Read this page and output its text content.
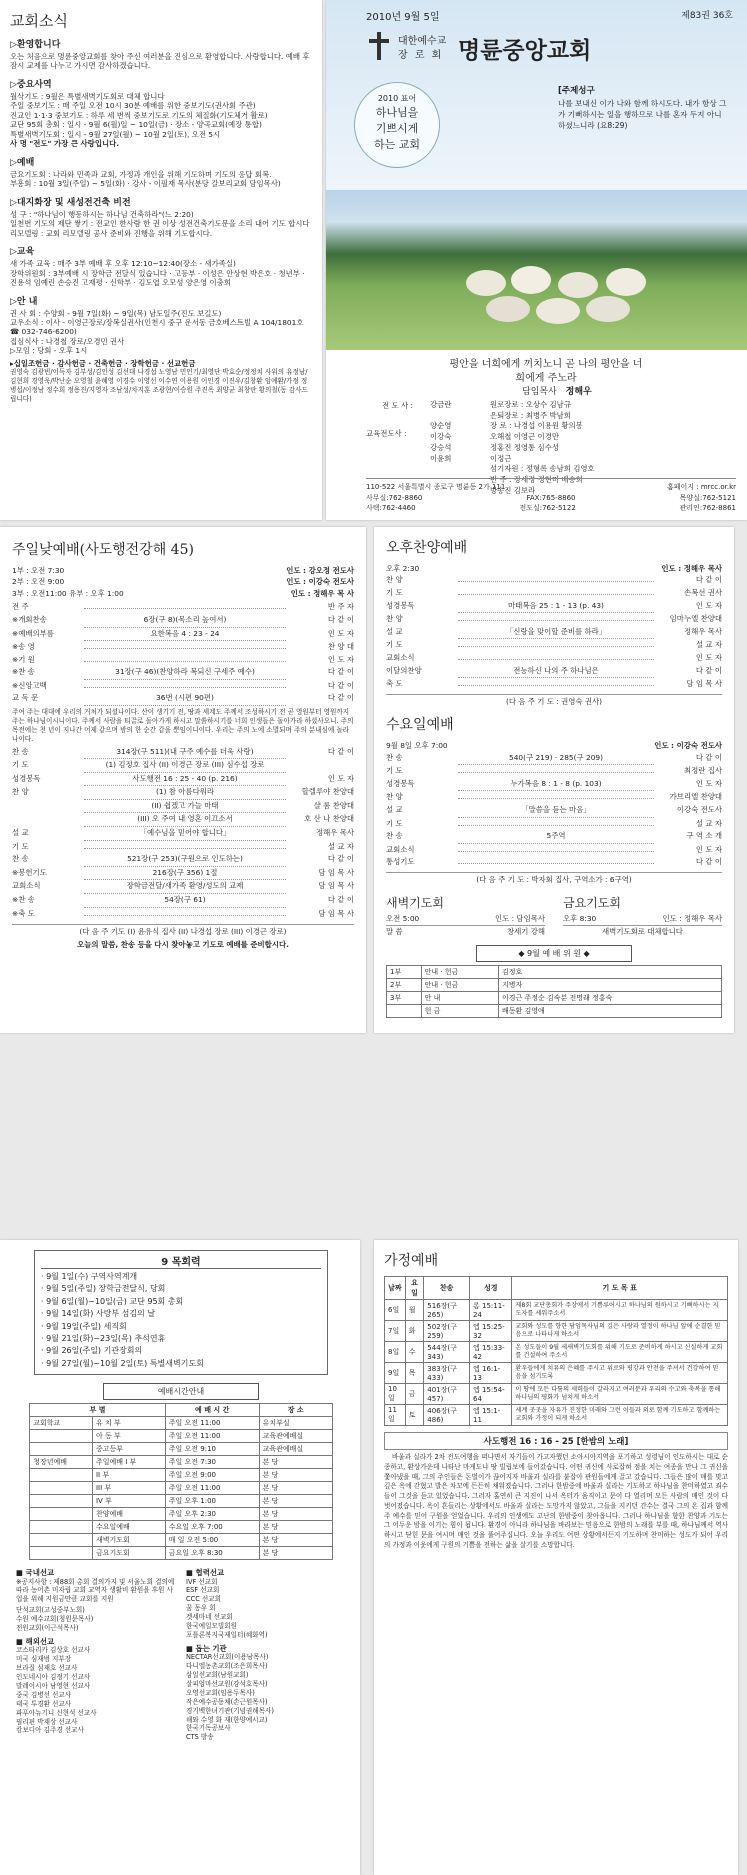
교회소식
▷환영합니다
오는 처음으로 명륜중앙교회를 찾아 주신 여러분을 진심으로 환영합니다. 사랑합니다. 예배 후 잠시 교제를 나누고 가시면 감사하겠습니다.
▷중요사역
월삭기도 : 9월은 특별새벽기도회로 대체 합니다
주일 중보기도 : 매 주일 오전 10시 30분 예배를 위한 중보기도(권사회 주관)
진교인 1·1·3 중보기도 : 하루 세 번씩 중보기도로 기도의 체질화(기도체거 활로)
교단 95회 총회 : 일시 - 9월 6(월)일 ~ 10일(금) · 장소 - 양곡교회(예장 통합)
특별새벽기도회 : 일시 - 9월 27일(월) ~ 10월 2일(토), 오전 5시
사 명 "전도" 가장 큰 사랑입니다.
▷예배
금요기도회 : 나라와 민족과 교회, 가정과 개인을 위해 기도하며 기도의 응답 회복.
부흥회 : 10월 3일(주일) ~ 5일(화) · 강사 - 이필재 목사(분당 갈보리교회 담임목사)
▷대지화장 및 새성전건축 비전
성 구 : "하나님이 행동하시는 하나님 건축하라"(느 2:20)
일천번 기도의 제단 쌓기 : 전교인 한사람 한 권 이상 성전건축기도문을 소리 내어 기도 합시다
리모델링 : 교회 리모델링 공사 준비와 진행을 위해 기도합시다.
▷교육
새 가족 교육 : 매주 3부 예배 후 오후 12:10~12:40(장소 - 새가족실)
장학위원회 : 3부예배 시 장학금 전달식 있습니다 · 고등부 · 이성은 안상현 박은호 · 청년부 · 진용석 임예린 손승진 고재평 · 신학부 · 김도엽 오모성 양은영 이충희
▷안 내
권 사 회 : 수양회 - 9월 7일(화) ~ 9일(목) 남도일주(진도 보길도)
교우소식 : 이사 - 이영근장로/장복실권사(인천시 중구 운서동 금호베스트빌 A 104/1801호 ☎ 032-746-6200)
접심식사 : 나경철 장로/오경민 권사
▷모임 : 당회 - 오후 1시
▸십일조헌금 · 감사헌금 · 건축헌금 · 장학헌금 · 선교헌금
권영숙 김광빈/이득자 김부성/김인성 김선대 나경섭 노영남 민인기/최영단 박효순/정정치 사위의 유정남/김현희 경영욱/박난순 오영철 윤혜영 이경수 이영선 이수연 이용원 이인경 이진우/김창환 임예환/가정 정병섭/이정남 정수희 정용진/지영자 조남성/차지훈 조광현/이승원 주진옥 최양균 최창란 황의철(동 감사드립니다)
2010년 9월 5일	제83권 36호
대한예수교
장 로 회 명륜중앙교회
2010 표어
하나님을
기쁘시게
하는 교회
[주제성구
나를 보내신 이가 나와 함께 하시도다. 내가 항상 그가 기뻐하시는 일을 행하므로 나를 혼자 두지 아니하셨느니라 (요8:29)
평안을 너희에게 끼치노니 곧 나의 평안을 너희에게 주노라
담임목사 정해우
전 도 사 :
교육전도사 :
강금란	원로장로 : 오상수 김남규
은퇴장로 : 최병주 박남희
양순영	장 로 : 나경섭 이용원 황의봉
이강숙	오해철 이영근 이경만
강승석	정홍진 정영통 심수성
이윤희	이정근
섬기자원 : 정형록 송남희 김영호
반 주 : 장세정 정현미 배승희
방송진 김보라
110-522 서울특별시 종로구 명륜동 2가 111	홈페이지 : mrcc.or.kr
사무실:762-8860	FAX:765-8860	목양실:762-5121
사택:762-4460	전도실:762-5122	관리인:762-8861
주일낮예배(사도행전강해 45)
1부 : 오전 7:30	인도 : 강오정 전도사
2부 : 오전 9:00	인도 : 이강숙 전도사
3부 : 오전11:00 유부 : 오후 1:00	인도 : 정해우 목 사
전 주	반 주 자
※개회찬송	6장(구 8)(목소리 높여서)	다 같 이
※예배의부름	요한복음 4 : 23 - 24	인 도 자
※송 영	찬 양 대
※기 원	인 도 자
※찬 송	31장(구 46)(찬양하라 복되신 구세주 예수)	다 같 이
※신앙고백	다 같 이
교 독 문	36번 (시편 90편)	다 같 이
주여 주는 대대에 우리의 거처가 되셨나이다. 산이 생기기 전, 땅과 세계도 주께서 조성하시기 전 곧 영원부터 영원까지 주는 하나님이시니이다. 주께서 사람을 티끌로 돌아가게 하시고 말씀하시기를 너희 인생들은 돌아가라 하셨사오니. 주의 목전에는 천 년이 지나간 어제 같으며 밤의 한 순간 같을 뿐임이니이다. 우리는 주의 노에 소멸되며 주의 분내심에 놀라나이다.
찬 송	314장(구 511)(내 구주 예수를 더욱 사랑)	다 같 이
기 도	(1) 김정호 집사 (II) 이경근 장로 (III) 심수섭 장로
성경봉독	사도행전 16 : 25 - 40 (p. 216)	인 도 자
찬 양	(1) 참 아름다워라	할렐루야 찬양대
(II) 쉽겠고 가늘 마태	샬 롬 찬양대
(III) 오 주여 내 영혼 이끄소서	호 산 나 찬양대
설 교	「예수님을 믿어야 합니다」	정해우 목사
기 도	설 교 자
찬 송	521장(구 253)(구원으로 인도하는)	다 같 이
※봉헌기도	216장(구 356) 1절	담 임 목 사
교회소식	장학금전달/새가족 환영/성도의 교제	담 임 목 사
※찬 송	54장(구 61)	다 같 이
※축 도	담 임 목 사
(다 음 주 기도 (I) 윤유식 집사 (II) 나경섭 장로 (III) 이경근 장로)
오늘의 말씀, 찬송 등을 다시 찾아놓고 기도로 예배를 준비합시다.
오후찬양예배
오후 2:30	인도 : 정해우 목사
찬 양	다 같 이
기 도	손복선 권사
성경봉독	마태복음 25 : 1 - 13 (p. 43)	인 도 자
찬 양	임마누엘 찬양대
설 교	「신랑을 맞이할 준비를 하라」	정해우 목사
기 도	설 교 자
교회소식	인 도 자
이달의찬양	전능하신 나의 주 하나님은	다 같 이
축 도	담 임 목 사
(다 음 주 기 도 : 권영숙 권사)
수요일예배
9월 8일 오후 7:00	인도 : 이강숙 전도사
찬 송	540(구 219) · 285(구 209)	다 같 이
기 도	최정란 집사
성경봉독	누가복음 8 : 1 - 8 (p. 103)	인 도 자
찬 양	가브리엘 찬양대
설 교	「말씀을 듣는 마음」	이강숙 전도사
기 도	설 교 자
찬 송	5주역	구 역 소 개
교회소식	인 도 자
통성기도	다 같 이
(다 음 주 기 도 : 박자회 집사, 구역소가 : 6구역)
새벽기도회
오전 5:00	인도 : 담임목사
말 씀	창세기 강해
금요기도회
오후 8:30	인도 : 정해우 목사
새벽기도회로 대체합니다
◆ 9월 예 배 위 원 ◆
1부	안내 · 헌금	김정호
2부	안내 · 헌금	지병자
3부	안 내	이경근 주정순 김숙분 전명래 정홍숙
	헌 금	배동환 김영애
9 목회력
· 9월 1일(수) 구역사역계개
· 9월 5일(주일) 장학금전달식, 당회
· 9월 6일(월)~10일(금) 교단 95회 총회
· 9월 14일(화) 사랑부 섬김의 날
· 9월 19일(주일) 세직회
· 9월 21일(화)~23일(목) 추석연휴
· 9월 26일(주일) 기관장회의
· 9월 27일(월)~10월 2일(토) 특별새벽기도회
예배시간안내
부 별		예 배 시 간	장 소
교회학교	유 치 부	주일 오전 11:00	유치부실
	아 동 부	주일 오전 11:00	교육관예배실
	중고등부	주일 오전 9:10	교육관예배실
청장년예배	주일예배 I 부	주일 오전 7:30	본 당
	II 부	주일 오전 9:00	본 당
	III 부	주일 오전 11:00	본 당
	IV 부	주일 오후 1:00	본 당
	찬양예배	주일 오후 2:30	본 당
	수요일예배	수요일 오후 7:00	본 당
	새벽기도회	매 일 오전 5:00	본 당
	금요기도회	금요일 오후 8:30	본 당
■ 국내선교
※공지사항 : 제88회 총회 결의가지 및 서울노회 결의에 따라 농어촌 미자립 교회 교역자 생활비 환원을 후원 사업을 위해 지원금만큼 교회를 지원
단석교회(고성중부노회)
수원 예수교회(청원문목사)
전원교회(이근석목사)
■ 해외선교
코스타리카 김상호 선교사
미국 심재범 지부장
브라질 심재호 선교사
인도네시아 김정기 선교사
말레이시아 남영현 선교사
중국 김병선 선교사
태국 투경환 선교사
파푸아뉴기니 신현석 선교사
필리핀 박재상 선교사
캄보디아 김주경 선교사
■ 협력선교
IVF 선교회
ESF 선교회
CCC 선교회
꿈 동우 회
겟세마네 선교회
한국예일모빌회원
포틀론복지국제일터(혜화역)
■ 돕는 기관
NECTAR선교회(이용남목사)
다니엘농촌교회(조은희목사)
삼일선교회(남원교회)
살피엄마선교원(강석호목사)
오영선교회(임용두목사)
작은예수공동체(손근원목사)
경기백한녀기관(기념권해목사)
해와 수영 화 재(한양예시교)
한국기독공보사
CTS 방송
가정예배
날짜	요일	찬송	성경	기 도 목 표
6일	월	516장(구 265)	롬 15:11-24	제8회 교단총회가 주장에서 기쁨루어시고 하나님의 원하시고 기뻐하시는 지도자를 세워주소서
7일	화	502장(구 259)	엡 15:25-32	교회와 성도를 향한 담임목사님의 깊은 사랑과 열정이 하나님 앞에 순결한 믿음으로 나타나게 하소서
8일	수	544장(구 343)	엡 15:33-42	온 성도들이 9월 세새벽기도회를 위해 기도로 준비하게 하시고 신실하게 교회를 건설하여 주소서
9일	목	383장(구 433)	엡 16:1-13	환우들에게 치유의 은혜를 주시고 위로와 평강과 안전을 주셔서 건강하여 믿음을 섬기도록
10일	금	401장(구 457)	엡 15:54-64	이 땅에 모든 다툼의 세력들이 갈라지고 여러분과 우리의 수고와 축복을 통해 하나님의 평화가 넘치게 하소서
11일	토	406장(구 486)	엡 15:1-11	세계 곳곳을 자유가 진정한 미래와 그런 이들과 외로 함께 기도하고 함께하는 교회와 가정이 되게 하소서
사도행전 16 : 16 - 25 [한밤의 노래]
바울과 실라가 2차 전도여행을 떠나면서 자기들이 가고자했던 소아시아지역을 포기하고 성령님이 인도하시는 대로 순종하고, 환상가운데 나타난 마게도냐 땅 빌립보에 들어갔습니다. 어떤 귀신에 사로잡혀 점을 치는 여종을 만나 그 귀신을 쫓아냈을 때, 그의 주인들은 돈벌이가 끊어지자 바울과 실라를 붙잡아 관원들에게 끌고 갔습니다. 그들은 많이 매를 맞고 깊은 옥에 갇혔고 발은 차꼬에 든든히 채워졌습니다. 그러나 한밤중에 바울과 실라는 기도하고 하나님을 찬미하였고 죄수들이 그것을 듣고 있었습니다. 그러자 홀연히 큰 지진이 나서 옥터가 움직이고 문이 다 열리며 모든 사람의 매인 것이 다 벗어졌습니다. 옥이 흔들리는 상황에서도 바울과 실라는 도망가지 않았고, 그들을 지키던 간수는 결국 그의 온 집과 함께 주 예수를 믿어 구원을 얻었습니다. 우리의 인생에도 고난의 한밤중이 찾아옵니다. 그러나 하나님을 향한 찬양과 기도는 그 어두운 밤을 이기는 힘이 됩니다. 환경이 아니라 하나님을 바라보는 믿음으로 한밤의 노래를 부를 때, 하나님께서 역사하시고 닫힌 문을 여시며 매인 것을 풀어주십니다. 오늘 우리도 어떤 상황에서든지 기도하며 찬미하는 성도가 되어 우리의 가정과 이웃에게 구원의 기쁨을 전하는 삶을 살기를 소망합니다.
